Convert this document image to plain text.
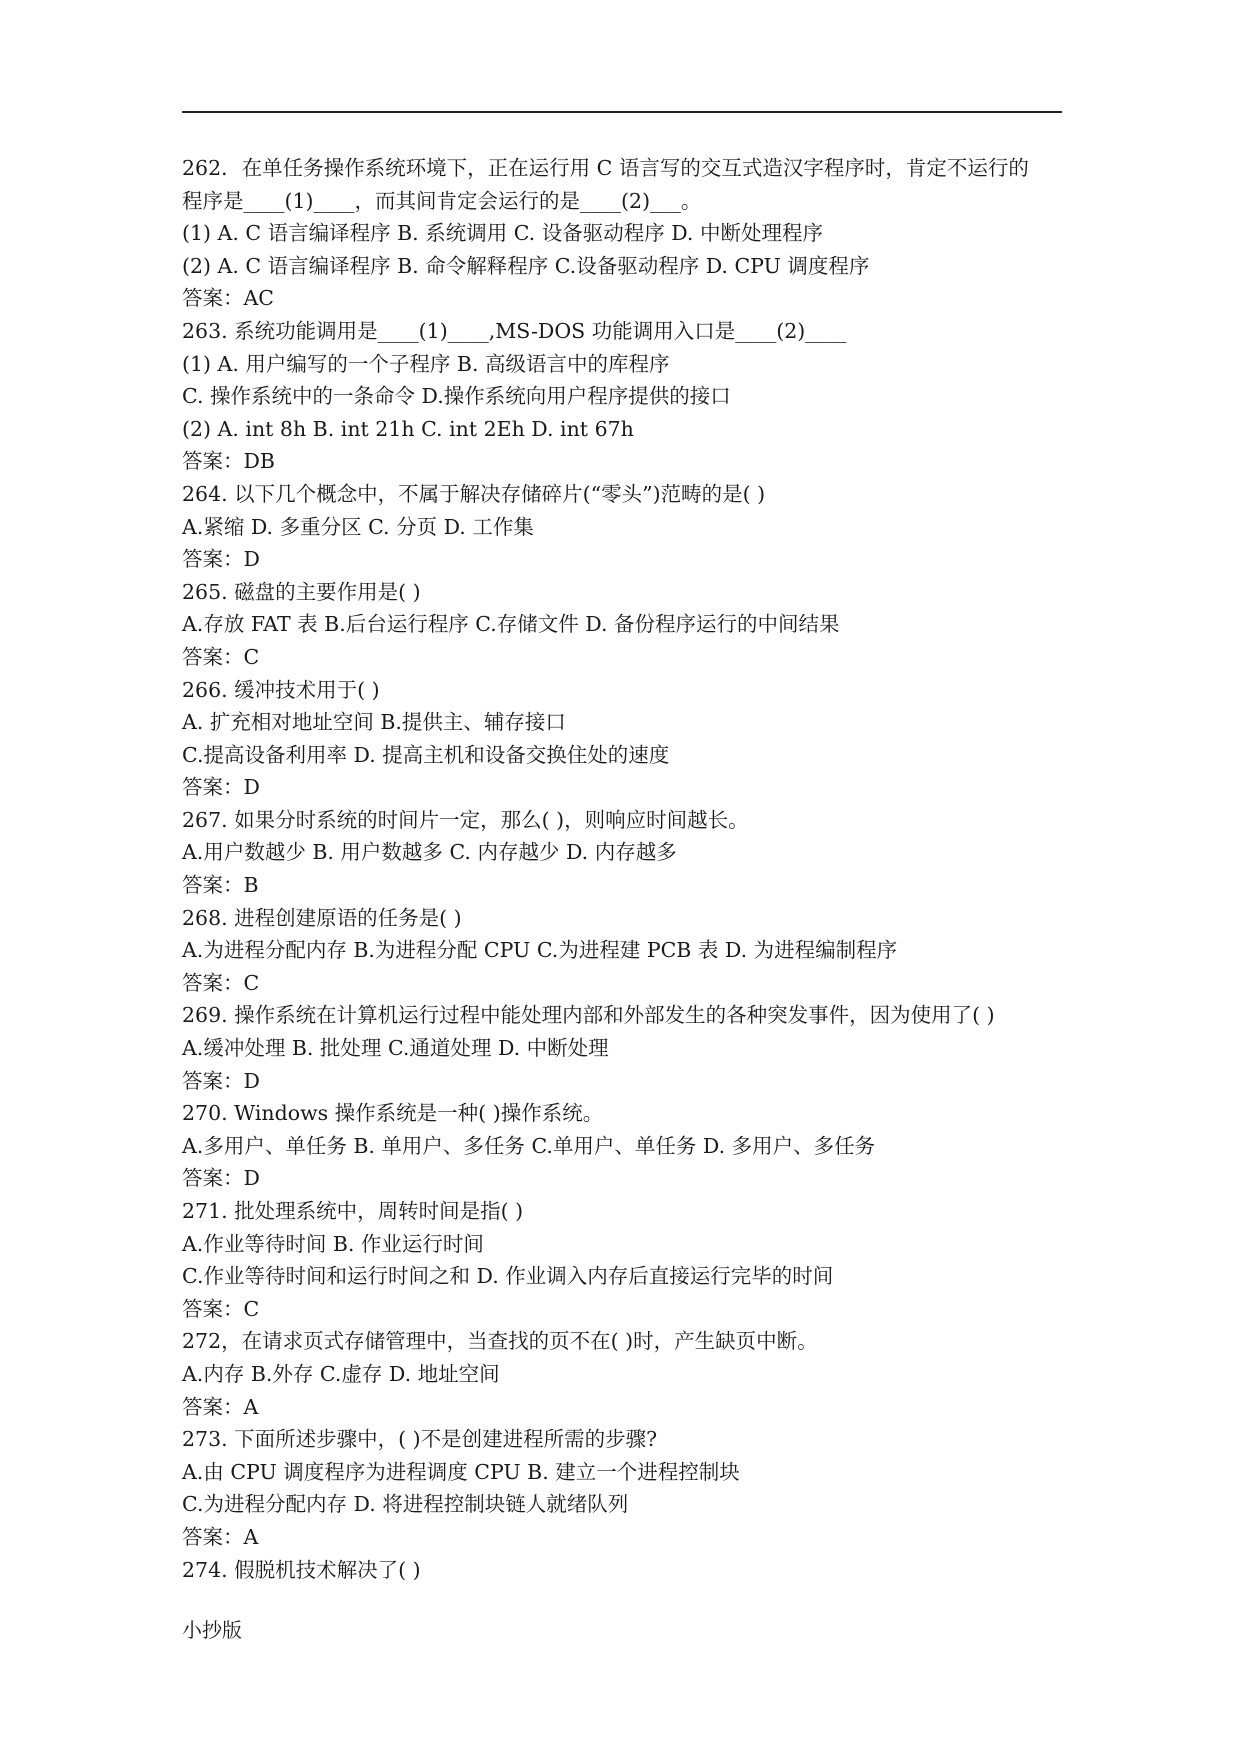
262．在单任务操作系统环境下，正在运行用 C 语言写的交互式造汉字程序时，肯定不运行的
程序是____(1)____，而其间肯定会运行的是____(2)___。
(1) A. C 语言编译程序 B. 系统调用 C. 设备驱动程序 D. 中断处理程序
(2) A. C 语言编译程序 B. 命令解释程序 C.设备驱动程序 D. CPU 调度程序
答案：AC
263. 系统功能调用是____(1)____,MS-DOS 功能调用入口是____(2)____
(1) A. 用户编写的一个子程序 B. 高级语言中的库程序
C. 操作系统中的一条命令 D.操作系统向用户程序提供的接口
(2) A. int 8h B. int 21h C. int 2Eh D. int 67h
答案：DB
264. 以下几个概念中，不属于解决存储碎片(“零头”)范畴的是( )
A.紧缩 D. 多重分区 C. 分页 D. 工作集
答案：D
265. 磁盘的主要作用是( )
A.存放 FAT 表 B.后台运行程序 C.存储文件 D. 备份程序运行的中间结果
答案：C
266. 缓冲技术用于( )
A. 扩充相对地址空间 B.提供主、辅存接口
C.提高设备利用率 D. 提高主机和设备交换住处的速度
答案：D
267. 如果分时系统的时间片一定，那么( )，则响应时间越长。
A.用户数越少 B. 用户数越多 C. 内存越少 D. 内存越多
答案：B
268. 进程创建原语的任务是( )
A.为进程分配内存 B.为进程分配 CPU C.为进程建 PCB 表 D. 为进程编制程序
答案：C
269. 操作系统在计算机运行过程中能处理内部和外部发生的各种突发事件，因为使用了( )
A.缓冲处理 B. 批处理 C.通道处理 D. 中断处理
答案：D
270. Windows 操作系统是一种( )操作系统。
A.多用户、单任务 B. 单用户、多任务 C.单用户、单任务 D. 多用户、多任务
答案：D
271. 批处理系统中，周转时间是指( )
A.作业等待时间 B. 作业运行时间
C.作业等待时间和运行时间之和 D. 作业调入内存后直接运行完毕的时间
答案：C
272，在请求页式存储管理中，当查找的页不在( )时，产生缺页中断。
A.内存 B.外存 C.虚存 D. 地址空间
答案：A
273. 下面所述步骤中，( )不是创建进程所需的步骤?
A.由 CPU 调度程序为进程调度 CPU B. 建立一个进程控制块
C.为进程分配内存 D. 将进程控制块链人就绪队列
答案：A
274. 假脱机技术解决了( )
小抄版
